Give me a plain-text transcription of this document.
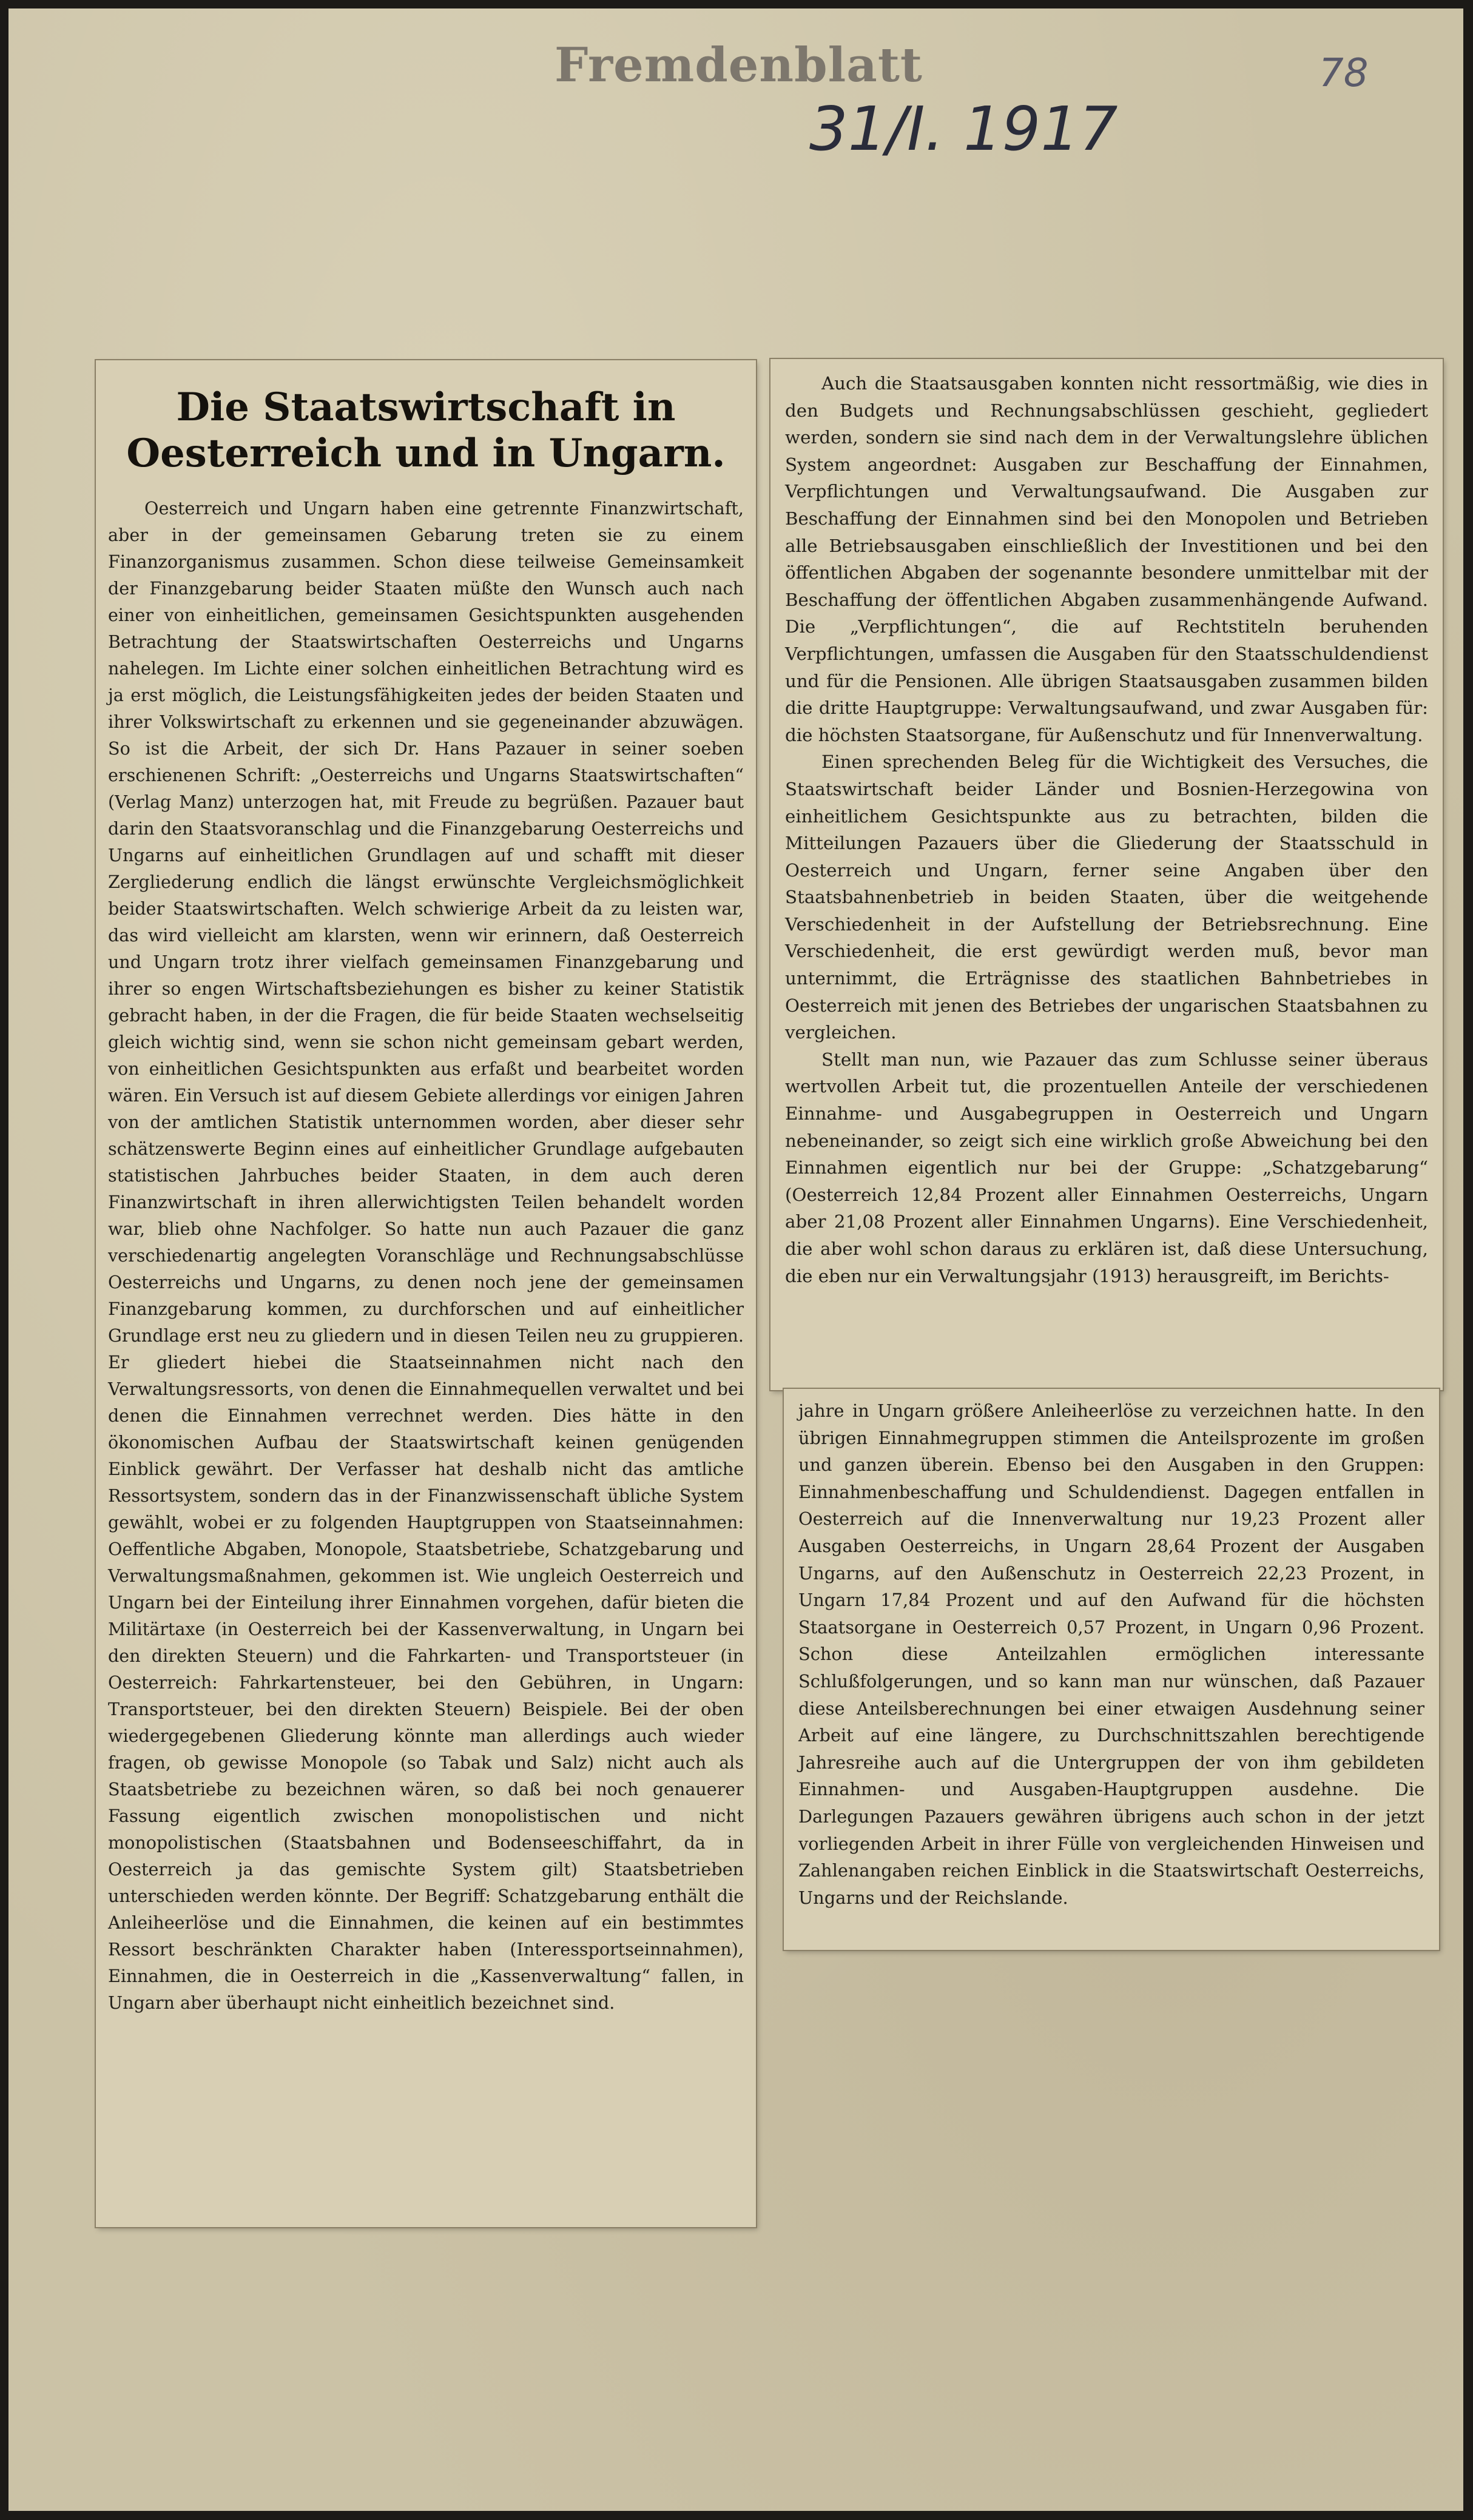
Fremdenblatt	78
31/I. 1917
Die Staatswirtschaft in Oesterreich und in Ungarn.

Oesterreich und Ungarn haben eine getrennte Finanzwirtschaft, aber in der gemeinsamen Gebarung treten sie zu einem Finanzorganismus zusammen. Schon diese teilweise Gemeinsamkeit der Finanzgebarung beider Staaten müßte den Wunsch auch nach einer von einheitlichen, gemeinsamen Gesichtspunkten ausgehenden Betrachtung der Staatswirtschaften Oesterreichs und Ungarns nahelegen. Im Lichte einer solchen einheitlichen Betrachtung wird es ja erst möglich, die Leistungsfähigkeiten jedes der beiden Staaten und ihrer Volkswirtschaft zu erkennen und sie gegeneinander abzuwägen. So ist die Arbeit, der sich Dr. Hans Pazauer in seiner soeben erschienenen Schrift: „Oesterreichs und Ungarns Staatswirtschaften“ (Verlag Manz) unterzogen hat, mit Freude zu begrüßen. Pazauer baut darin den Staatsvoranschlag und die Finanzgebarung Oesterreichs und Ungarns auf einheitlichen Grundlagen auf und schafft mit dieser Zergliederung endlich die längst erwünschte Vergleichsmöglichkeit beider Staatswirtschaften. Welch schwierige Arbeit da zu leisten war, das wird vielleicht am klarsten, wenn wir erinnern, daß Oesterreich und Ungarn trotz ihrer vielfach gemeinsamen Finanzgebarung und ihrer so engen Wirtschaftsbeziehungen es bisher zu keiner Statistik gebracht haben, in der die Fragen, die für beide Staaten wechselseitig gleich wichtig sind, wenn sie schon nicht gemeinsam gebart werden, von einheitlichen Gesichtspunkten aus erfaßt und bearbeitet worden wären. Ein Versuch ist auf diesem Gebiete allerdings vor einigen Jahren von der amtlichen Statistik unternommen worden, aber dieser sehr schätzenswerte Beginn eines auf einheitlicher Grundlage aufgebauten statistischen Jahrbuches beider Staaten, in dem auch deren Finanzwirtschaft in ihren allerwichtigsten Teilen behandelt worden war, blieb ohne Nachfolger. So hatte nun auch Pazauer die ganz verschiedenartig angelegten Voranschläge und Rechnungsabschlüsse Oesterreichs und Ungarns, zu denen noch jene der gemeinsamen Finanzgebarung kommen, zu durchforschen und auf einheitlicher Grundlage erst neu zu gliedern und in diesen Teilen neu zu gruppieren. Er gliedert hiebei die Staatseinnahmen nicht nach den Verwaltungsressorts, von denen die Einnahmequellen verwaltet und bei denen die Einnahmen verrechnet werden. Dies hätte in den ökonomischen Aufbau der Staatswirtschaft keinen genügenden Einblick gewährt. Der Verfasser hat deshalb nicht das amtliche Ressortsystem, sondern das in der Finanzwissenschaft übliche System gewählt, wobei er zu folgenden Hauptgruppen von Staatseinnahmen: Oeffentliche Abgaben, Monopole, Staatsbetriebe, Schatzgebarung und Verwaltungsmaßnahmen, gekommen ist. Wie ungleich Oesterreich und Ungarn bei der Einteilung ihrer Einnahmen vorgehen, dafür bieten die Militärtaxe (in Oesterreich bei der Kassenverwaltung, in Ungarn bei den direkten Steuern) und die Fahrkarten- und Transportsteuer (in Oesterreich: Fahrkartensteuer, bei den Gebühren, in Ungarn: Transportsteuer, bei den direkten Steuern) Beispiele. Bei der oben wiedergegebenen Gliederung könnte man allerdings auch wieder fragen, ob gewisse Monopole (so Tabak und Salz) nicht auch als Staatsbetriebe zu bezeichnen wären, so daß bei noch genauerer Fassung eigentlich zwischen monopolistischen und nicht monopolistischen (Staatsbahnen und Bodenseeschiffahrt, da in Oesterreich ja das gemischte System gilt) Staatsbetrieben unterschieden werden könnte. Der Begriff: Schatzgebarung enthält die Anleiheerlöse und die Einnahmen, die keinen auf ein bestimmtes Ressort beschränkten Charakter haben (Interessportseinnahmen), Einnahmen, die in Oesterreich in die „Kassenverwaltung“ fallen, in Ungarn aber überhaupt nicht einheitlich bezeichnet sind.

Auch die Staatsausgaben konnten nicht ressortmäßig, wie dies in den Budgets und Rechnungsabschlüssen geschieht, gegliedert werden, sondern sie sind nach dem in der Verwaltungslehre üblichen System angeordnet: Ausgaben zur Beschaffung der Einnahmen, Verpflichtungen und Verwaltungsaufwand. Die Ausgaben zur Beschaffung der Einnahmen sind bei den Monopolen und Betrieben alle Betriebsausgaben einschließlich der Investitionen und bei den öffentlichen Abgaben der sogenannte besondere unmittelbar mit der Beschaffung der öffentlichen Abgaben zusammenhängende Aufwand. Die „Verpflichtungen“, die auf Rechtstiteln beruhenden Verpflichtungen, umfassen die Ausgaben für den Staatsschuldendienst und für die Pensionen. Alle übrigen Staatsausgaben zusammen bilden die dritte Hauptgruppe: Verwaltungsaufwand, und zwar Ausgaben für: die höchsten Staatsorgane, für Außenschutz und für Innenverwaltung.

Einen sprechenden Beleg für die Wichtigkeit des Versuches, die Staatswirtschaft beider Länder und Bosnien-Herzegowina von einheitlichem Gesichtspunkte aus zu betrachten, bilden die Mitteilungen Pazauers über die Gliederung der Staatsschuld in Oesterreich und Ungarn, ferner seine Angaben über den Staatsbahnenbetrieb in beiden Staaten, über die weitgehende Verschiedenheit in der Aufstellung der Betriebsrechnung. Eine Verschiedenheit, die erst gewürdigt werden muß, bevor man unternimmt, die Erträgnisse des staatlichen Bahnbetriebes in Oesterreich mit jenen des Betriebes der ungarischen Staatsbahnen zu vergleichen.

Stellt man nun, wie Pazauer das zum Schlusse seiner überaus wertvollen Arbeit tut, die prozentuellen Anteile der verschiedenen Einnahme- und Ausgabegruppen in Oesterreich und Ungarn nebeneinander, so zeigt sich eine wirklich große Abweichung bei den Einnahmen eigentlich nur bei der Gruppe: „Schatzgebarung“ (Oesterreich 12,84 Prozent aller Einnahmen Oesterreichs, Ungarn aber 21,08 Prozent aller Einnahmen Ungarns). Eine Verschiedenheit, die aber wohl schon daraus zu erklären ist, daß diese Untersuchung, die eben nur ein Verwaltungsjahr (1913) herausgreift, im Berichts-

jahre in Ungarn größere Anleiheerlöse zu verzeichnen hatte. In den übrigen Einnahmegruppen stimmen die Anteilsprozente im großen und ganzen überein. Ebenso bei den Ausgaben in den Gruppen: Einnahmenbeschaffung und Schuldendienst. Dagegen entfallen in Oesterreich auf die Innenverwaltung nur 19,23 Prozent aller Ausgaben Oesterreichs, in Ungarn 28,64 Prozent der Ausgaben Ungarns, auf den Außenschutz in Oesterreich 22,23 Prozent, in Ungarn 17,84 Prozent und auf den Aufwand für die höchsten Staatsorgane in Oesterreich 0,57 Prozent, in Ungarn 0,96 Prozent. Schon diese Anteilzahlen ermöglichen interessante Schlußfolgerungen, und so kann man nur wünschen, daß Pazauer diese Anteilsberechnungen bei einer etwaigen Ausdehnung seiner Arbeit auf eine längere, zu Durchschnittszahlen berechtigende Jahresreihe auch auf die Untergruppen der von ihm gebildeten Einnahmen- und Ausgaben-Hauptgruppen ausdehne. Die Darlegungen Pazauers gewähren übrigens auch schon in der jetzt vorliegenden Arbeit in ihrer Fülle von vergleichenden Hinweisen und Zahlenangaben reichen Einblick in die Staatswirtschaft Oesterreichs, Ungarns und der Reichslande.
